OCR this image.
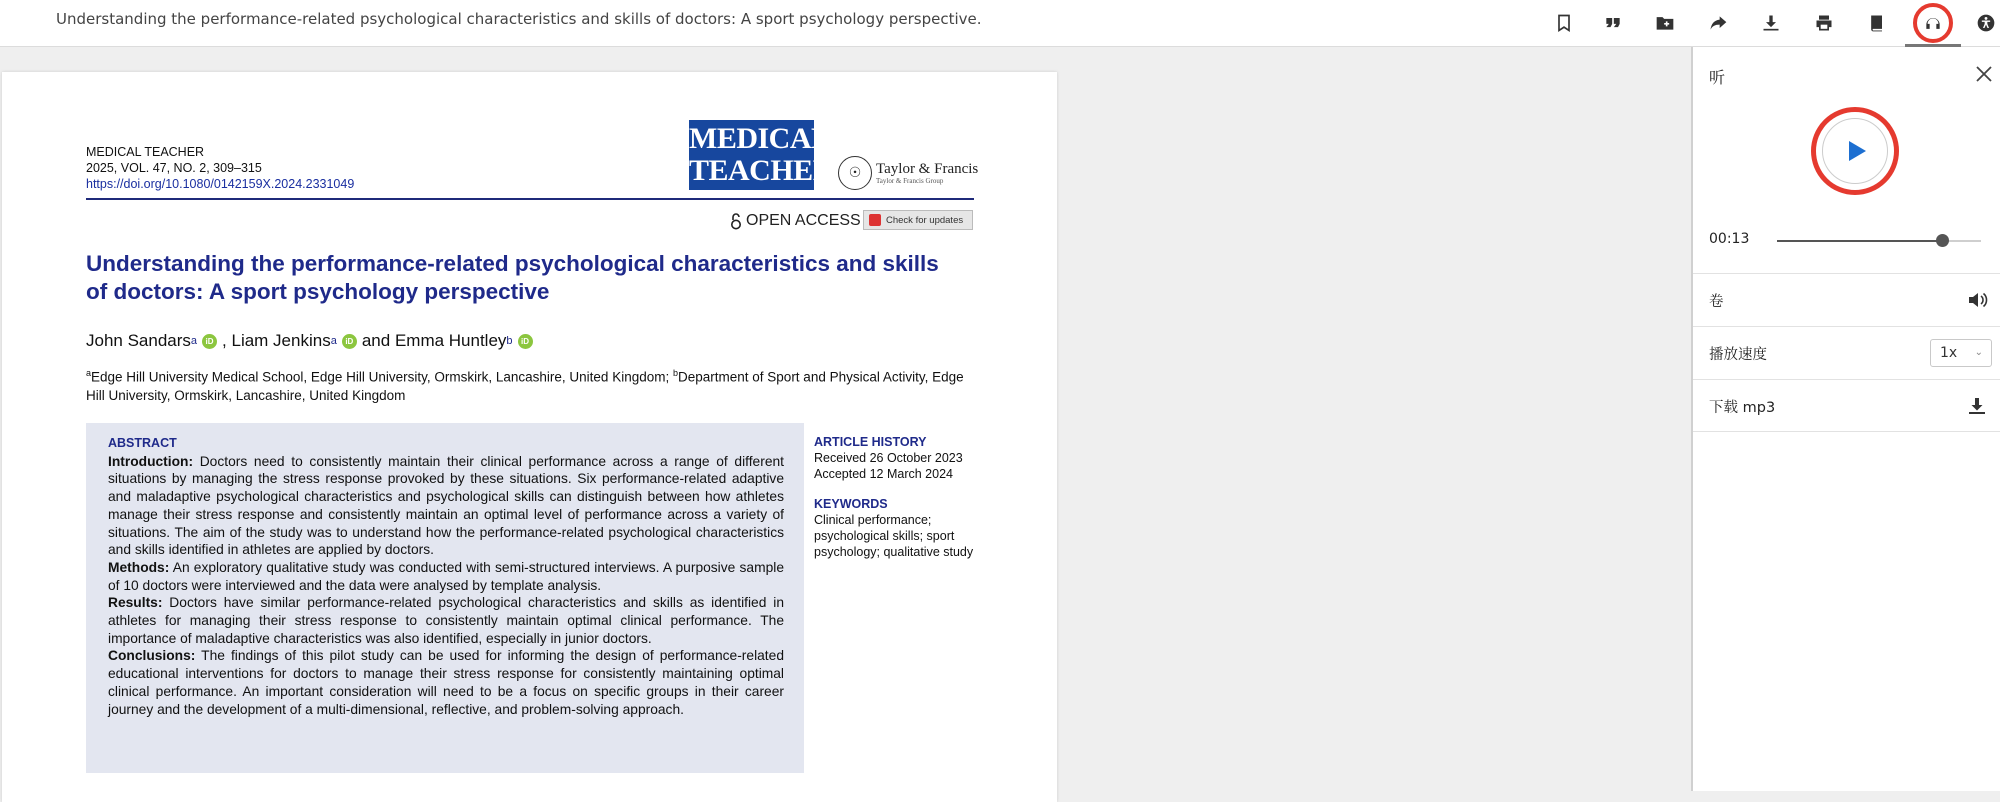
Understanding the performance-related psychological characteristics and skills of doctors: A sport psychology perspective.
MEDICAL TEACHER
2025, VOL. 47, NO. 2, 309–315
https://doi.org/10.1080/0142159X.2024.2331049
MEDICAL
TEACHER	☉ Taylor & Francis
Taylor & Francis Group
OPEN ACCESS	Check for updates
Understanding the performance-related psychological characteristics and skills of doctors: A sport psychology perspective
John Sandars a	iD , Liam Jenkins a	iD and
Emma Huntley b	iD
$^a$Edge Hill University Medical School, Edge Hill University, Ormskirk, Lancashire, United Kingdom; $^b$Department of Sport and Physical Activity, Edge Hill University, Ormskirk, Lancashire, United Kingdom
ABSTRACT
Introduction: Doctors need to consistently maintain their clinical performance across a range of different situations by managing the stress response provoked by these situations. Six performance-related adaptive and maladaptive psychological characteristics and psychological skills can distinguish between how athletes manage their stress response and consistently maintain an optimal level of performance across a variety of situations. The aim of the study was to understand how the performance-related psychological characteristics and skills identified in athletes are applied by doctors.
Methods: An exploratory qualitative study was conducted with semi-structured interviews. A purposive sample of 10 doctors were interviewed and the data were analysed by template analysis.
Results: Doctors have similar performance-related psychological characteristics and skills as identified in athletes for managing their stress response to consistently maintain optimal clinical performance. The importance of maladaptive characteristics was also identified, especially in junior doctors.
Conclusions: The findings of this pilot study can be used for informing the design of performance-related educational interventions for doctors to manage their stress response for consistently maintaining optimal clinical performance. An important consideration will need to be a focus on specific groups in their career journey and the development of a multi-dimensional, reflective, and problem-solving approach.
ARTICLE HISTORY
Received 26 October 2023
Accepted 12 March 2024
KEYWORDS
Clinical performance; psychological skills; sport psychology; qualitative study
听
00:13
卷
播放速度	1x ⌄
下载 mp3
